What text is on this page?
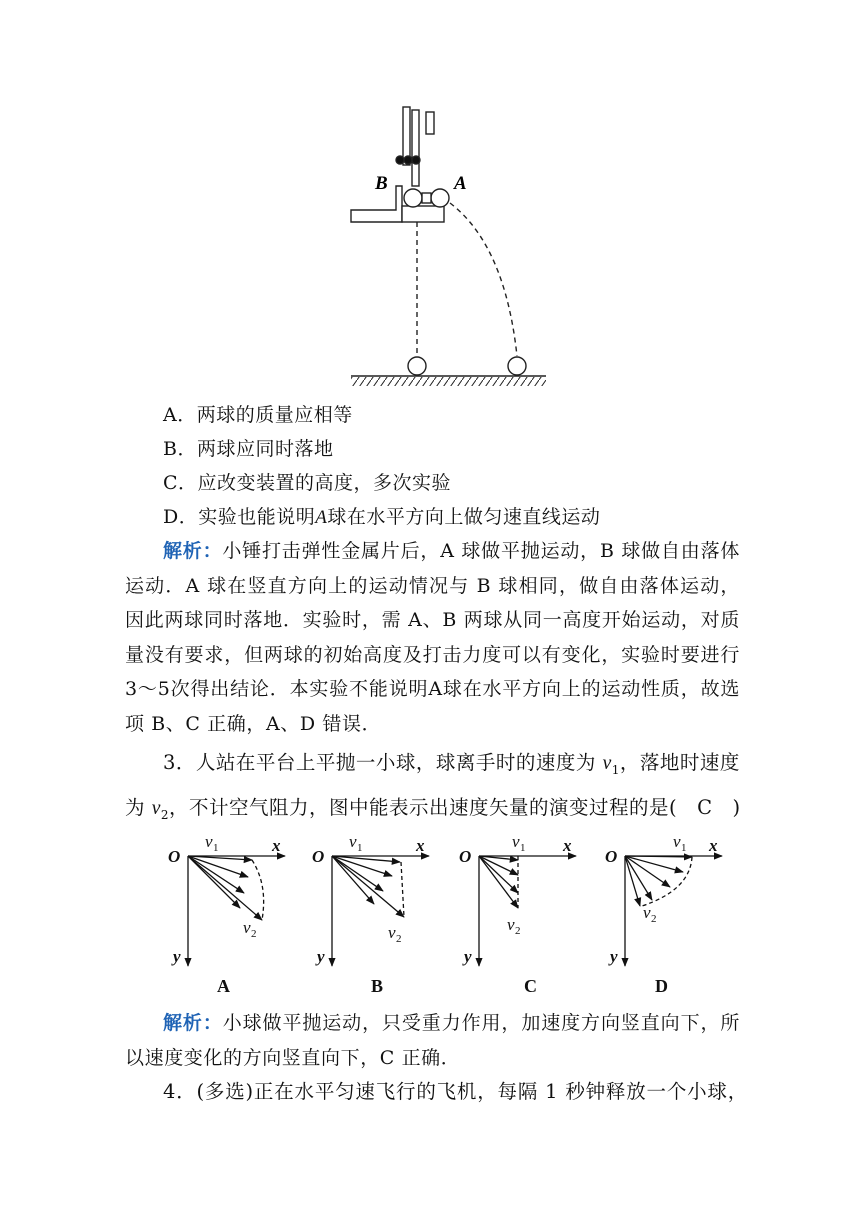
B	A
A．两球的质量应相等
B．两球应同时落地
C．应改变装置的高度，多次实验
D．实验也能说明A球在水平方向上做匀速直线运动
解析：小锤打击弹性金属片后，A 球做平抛运动，B 球做自由落体运动．A 球在竖直方向上的运动情况与 B 球相同，做自由落体运动，因此两球同时落地．实验时，需 A、B 两球从同一高度开始运动，对质量没有要求，但两球的初始高度及打击力度可以有变化，实验时要进行3～5次得出结论．本实验不能说明A球在水平方向上的运动性质，故选项 B、C 正确，A、D 错误．
3．人站在平台上平抛一小球，球离手时的速度为 $v_1$，落地时速度
为 $v_2$，不计空气阻力，图中能表示出速度矢量的演变过程的是(　C　)
O
x
y
v 1
v 2
A
O
x
y
v 1
v 2
B
O
x
y
v 1
v 2
C
O
x
y
v 1
v 2
D
解析：小球做平抛运动，只受重力作用，加速度方向竖直向下，所以速度变化的方向竖直向下，C 正确．
4．(多选)正在水平匀速飞行的飞机，每隔 1 秒钟释放一个小球，
